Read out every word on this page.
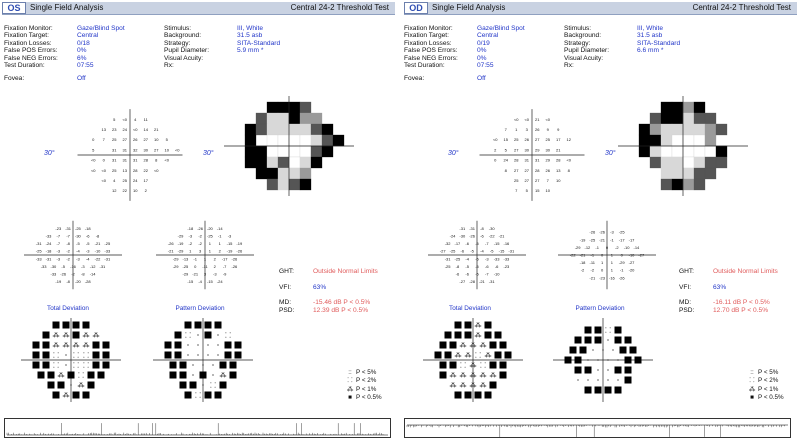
OS	Single Field Analysis	Central 24-2 Threshold Test
Fixation Monitor:	Gaze/Blind Spot
Fixation Target:	Central
Fixation Losses:	0/18
False POS Errors:	0%
False NEG Errors:	6%
Test Duration:	07:55
Stimulus:	III, White
Background:	31.5 asb
Strategy:	SITA-Standard
Pupil Diameter:	5.9 mm *
Visual Acuity:
Rx:
Fovea:	Off
30°	30°
5 <0 4 11
13 23 24 <0 14 21
0 7 25 27 26 27 10 5
5	31 31 32 30 27 10 <0
<0 0 31 31 31 28 8 <0
<0 <0 25 13 28 22 <0
<0 4 25 24 17
12 22 10 2
-23 -31 -25 -18
-33 -7 -7 -30 -6 -8
-31 -24 -7 -8 -5 -5 -21 -25
-25 -18 -3 -2 -4 -3 -10 -33
-33 -31 -3 -2 -3 -4 -22 -31
-33 -30 -5 -16 -3 -12 -31
-33 -26 -2 -8 -14
-19 -8 -20 -28
-18 -26 -20 -14
-29 -3 -2 -25 -1 -3
-26 -19 -2 -2 1 1 -15 -19
-21 -29 1 3 1 2 -19 -26
-29 -13 -1 1 2 -17 -26
-29 -25 0 -11 2 -7 -26
-29 -21 3 -3 -9
-15 -4 -15 -24
Total Deviation	Pattern Deviation
⁂ ⁂ ⁂ ⁂
⁂ ⁂ ⁂ ⁂
⸬ ⸬ ⸬
⸬ ⸬ ⸬
⁂ ⸬
⁂
⁂
⸬	⸬
⁂
⸬
⸬
GHT:	Outside Normal Limits
VFI:	63%
MD:	-15.46 dB P < 0.5%
PSD:	12.39 dB P < 0.5%
:: P < 5%
⸬ P < 2%
⁂ P < 1%
■ P < 0.5%
OD	Single Field Analysis	Central 24-2 Threshold Test
Fixation Monitor:	Gaze/Blind Spot
Fixation Target:	Central
Fixation Losses:	0/19
False POS Errors:	0%
False NEG Errors:	0%
Test Duration:	07:55
Stimulus:	III, White
Background:	31.5 asb
Strategy:	SITA-Standard
Pupil Diameter:	6.6 mm *
Visual Acuity:
Rx:
Fovea:	Off
30°	30°
<0 <0 21 <0
7 1 3 26 9 9
<0 15 25 26 27 25 17 12
2 5 27 30 29 30 21
0 24 28 31 31 29 28 <0
8 27 27 28 26 13 8
25 27 27 7 10
7 5 15 10
-31 -31 -8 -30
-24 -30 -26 -6 -22 -21
-32 -17 -6 -5 -7 -15 -16
-27 -25 -6 -5 -4 -5 -15 -31
-31 -25 -4 -5 -3 -33 -33
-25 -8 -5 -5 -6 -6 -23
-6 -6 -5 -7 -10
-27 -28 -21 -31
-26 -26 -3 -25
-19 -25 -21 -1 -17 -17
-29 -12 -1 0 -2 -10 -14
-22 -21 -1 0 1 0 -10 -27
-18 -11 1 1 -29 -27
-2 -2 0 1 -1 -20
-21 -23 -16 -26
Total Deviation	Pattern Deviation
⁂
⁂
⁂ ⁂ ⁂
⁂ ⁂ ⸬ ⁂
⸬ ⁂ ⸬
⁂ ⁂ ⁂ ⁂ ⁂
⁂ ⁂ ⁂ ⁂
⸬
GHT:	Outside Normal Limits
VFI:	63%
MD:	-16.11 dB P < 0.5%
PSD:	12.70 dB P < 0.5%
:: P < 5%
⸬ P < 2%
⁂ P < 1%
■ P < 0.5%
